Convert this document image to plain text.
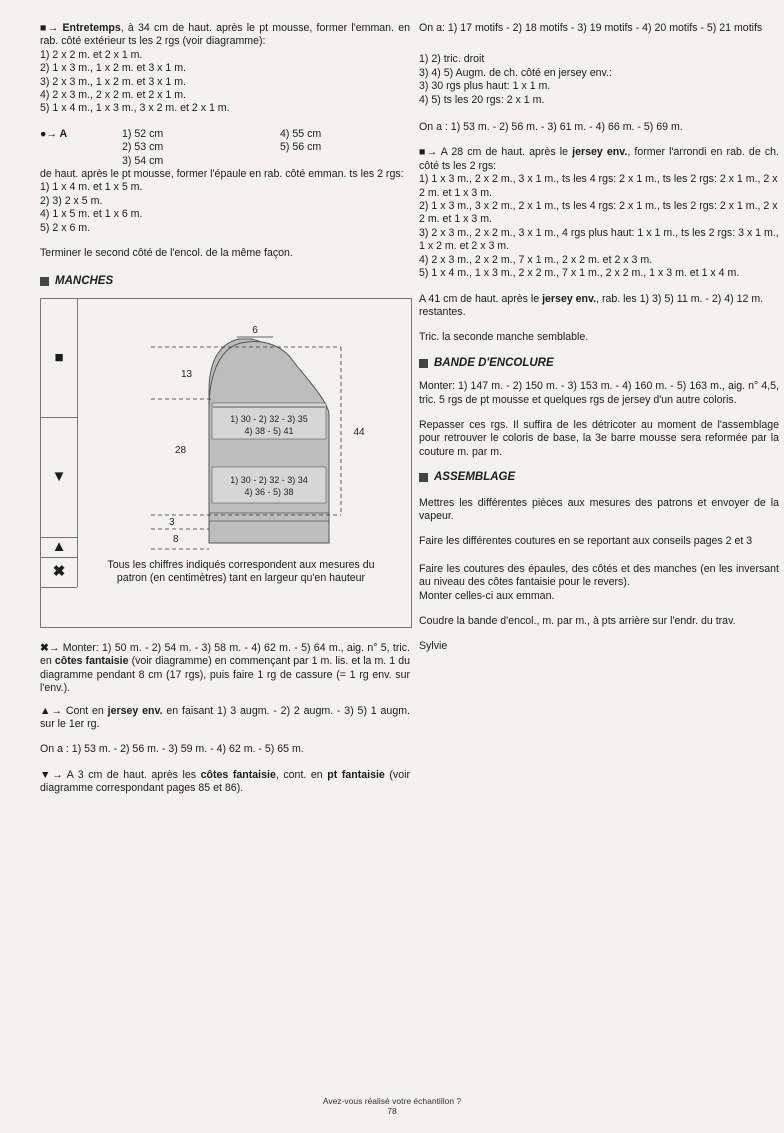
■→ Entretemps, à 34 cm de haut. après le pt mousse, former l'emman. en rab. côté extérieur ts les 2 rgs (voir diagramme):

1) 2 x 2 m. et 2 x 1 m.

2) 1 x 3 m., 1 x 2 m. et 3 x 1 m.

3) 2 x 3 m., 1 x 2 m. et 3 x 1 m.

4) 2 x 3 m., 2 x 2 m. et 2 x 1 m.

5) 1 x 4 m., 1 x 3 m., 3 x 2 m. et 2 x 1 m.

●→ A	1) 52 cm	4) 55 cm
2) 53 cm	5) 56 cm
3) 54 cm

de haut. après le pt mousse, former l'épaule en rab. côté emman. ts les 2 rgs:

1) 1 x 4 m. et 1 x 5 m.

2) 3) 2 x 5 m.

4) 1 x 5 m. et 1 x 6 m.

5) 2 x 6 m.

Terminer le second côté de l'encol. de la même façon.

MANCHES
■
▼
▲
✖
6
44
13
28
3
8
1) 30 - 2) 32 - 3) 35
4) 38 - 5) 41
1) 30 - 2) 32 - 3) 34
4) 36 - 5) 38
Tous les chiffres indiqués correspondent aux mesures du patron (en centimètres) tant en largeur qu'en hauteur

✖→ Monter: 1) 50 m. - 2) 54 m. - 3) 58 m. - 4) 62 m. - 5) 64 m., aig. n° 5, tric. en côtes fantaisie (voir diagramme) en commençant par 1 m. lis. et la m. 1 du diagramme pendant 8 cm (17 rgs), puis faire 1 rg de cassure (= 1 rg env. sur l'env.).

▲→ Cont en jersey env. en faisant 1) 3 augm. - 2) 2 augm. - 3) 5) 1 augm. sur le 1er rg.

On a : 1) 53 m. - 2) 56 m. - 3) 59 m. - 4) 62 m. - 5) 65 m.

▼→ A 3 cm de haut. après les côtes fantaisie, cont. en pt fantaisie (voir diagramme correspondant pages 85 et 86).

On a: 1) 17 motifs - 2) 18 motifs - 3) 19 motifs - 4) 20 motifs - 5) 21 motifs

1) 2) tric. droit

3) 4) 5) Augm. de ch. côté en jersey env.:

3) 30 rgs plus haut: 1 x 1 m.

4) 5) ts les 20 rgs: 2 x 1 m.

On a : 1) 53 m. - 2) 56 m. - 3) 61 m. - 4) 66 m. - 5) 69 m.

■→ A 28 cm de haut. après le jersey env., former l'arrondi en rab. de ch. côté ts les 2 rgs:

1) 1 x 3 m., 2 x 2 m., 3 x 1 m., ts les 4 rgs: 2 x 1 m., ts les 2 rgs: 2 x 1 m., 2 x 2 m. et 1 x 3 m.

2) 1 x 3 m., 3 x 2 m., 2 x 1 m., ts les 4 rgs: 2 x 1 m., ts les 2 rgs: 2 x 1 m., 2 x 2 m. et 1 x 3 m.

3) 2 x 3 m., 2 x 2 m., 3 x 1 m., 4 rgs plus haut: 1 x 1 m., ts les 2 rgs: 3 x 1 m., 1 x 2 m. et 2 x 3 m.

4) 2 x 3 m., 2 x 2 m., 7 x 1 m., 2 x 2 m. et 2 x 3 m.

5) 1 x 4 m., 1 x 3 m., 2 x 2 m., 7 x 1 m., 2 x 2 m., 1 x 3 m. et 1 x 4 m.

A 41 cm de haut. après le jersey env., rab. les 1) 3) 5) 11 m. - 2) 4) 12 m. restantes.

Tric. la seconde manche semblable.

BANDE D'ENCOLURE

Monter: 1) 147 m. - 2) 150 m. - 3) 153 m. - 4) 160 m. - 5) 163 m., aig. n° 4,5, tric. 5 rgs de pt mousse et quelques rgs de jersey d'un autre coloris.

Repasser ces rgs. Il suffira de les détricoter au moment de l'assemblage pour retrouver le coloris de base, la 3e barre mousse sera reformée par la couture m. par m.

ASSEMBLAGE

Mettres les différentes pièces aux mesures des patrons et envoyer de la vapeur.

Faire les différentes coutures en se reportant aux conseils pages 2 et 3

Faire les coutures des épaules, des côtés et des manches (en les inversant au niveau des côtes fantaisie pour le revers).

Monter celles-ci aux emman.

Coudre la bande d'encol., m. par m., à pts arrière sur l'endr. du trav.

Sylvie

Avez-vous réalisé votre échantillon ?
78
